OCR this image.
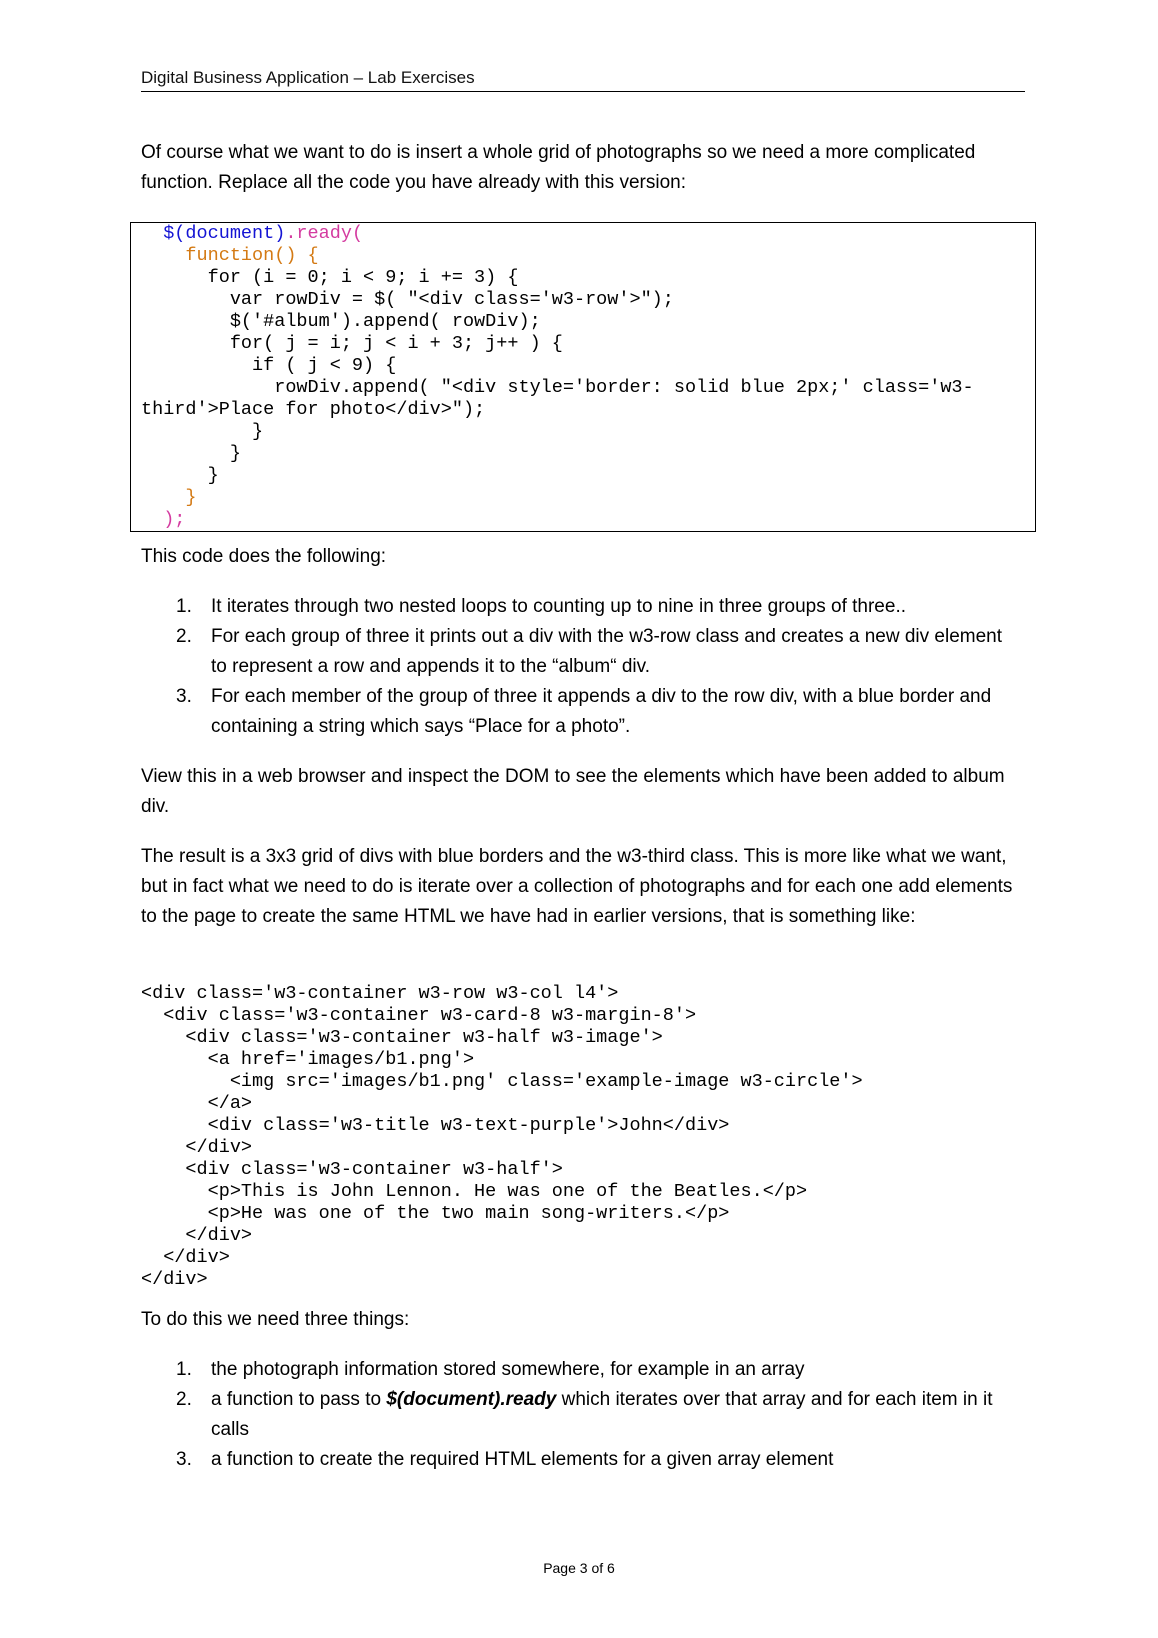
Digital Business Application – Lab Exercises

Of course what we want to do is insert a whole grid of photographs so we need a more complicated function. Replace all the code you have already with this version:

$(document).ready(
function() {
for (i = 0; i < 9; i += 3) {
var rowDiv = $( "<div class='w3-row'>");
$('#album').append( rowDiv);
for( j = i; j < i + 3; j++ ) {
if ( j < 9) {
rowDiv.append( "<div style='border: solid blue 2px;' class='w3-
third'>Place for photo</div>");
}
}
}
}
);

This code does the following:

1. It iterates through two nested loops to counting up to nine in three groups of three..
2. For each group of three it prints out a div with the w3-row class and creates a new div element to represent a row and appends it to the “album“ div.
3. For each member of the group of three it appends a div to the row div, with a blue border and containing a string which says “Place for a photo”.

View this in a web browser and inspect the DOM to see the elements which have been added to album div.

The result is a 3x3 grid of divs with blue borders and the w3-third class. This is more like what we want, but in fact what we need to do is iterate over a collection of photographs and for each one add elements to the page to create the same HTML we have had in earlier versions, that is something like:

<div class='w3-container w3-row w3-col l4'>
<div class='w3-container w3-card-8 w3-margin-8'>
<div class='w3-container w3-half w3-image'>
<a href='images/b1.png'>
<img src='images/b1.png' class='example-image w3-circle'>
</a>
<div class='w3-title w3-text-purple'>John</div>
</div>
<div class='w3-container w3-half'>
<p>This is John Lennon. He was one of the Beatles.</p>
<p>He was one of the two main song-writers.</p>
</div>
</div>
</div>

To do this we need three things:

1. the photograph information stored somewhere, for example in an array
2. a function to pass to $(document).ready which iterates over that array and for each item in it calls
3. a function to create the required HTML elements for a given array element
Page 3 of 6
